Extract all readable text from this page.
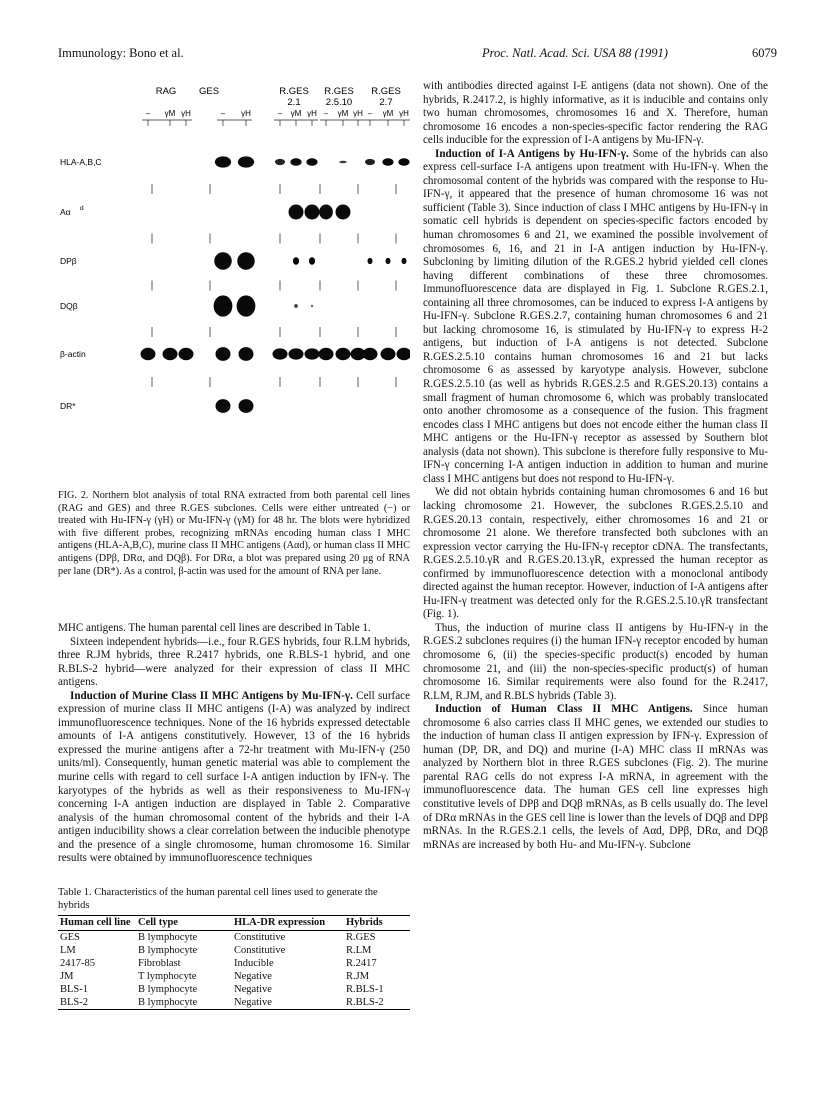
Immunology: Bono et al.	Proc. Natl. Acad. Sci. USA 88 (1991)	6079
RAG
– γM γH
GES
– γH
R.GES
2.1
– γM γH
R.GES
2.5.10
– γM γH
R.GES
2.7
– γM γH
HLA-A,B,C
Aα d
DPβ
DQβ
β-actin
DR*
FIG. 2. Northern blot analysis of total RNA extracted from both parental cell lines (RAG and GES) and three R.GES subclones. Cells were either untreated (−) or treated with Hu-IFN-γ (γH) or Mu-IFN-γ (γM) for 48 hr. The blots were hybridized with five different probes, recognizing mRNAs encoding human class I MHC antigens (HLA-A,B,C), murine class II MHC antigens (Aαd), or human class II MHC antigens (DPβ, DRα, and DQβ). For DRα, a blot was prepared using 20 μg of RNA per lane (DR*). As a control, β-actin was used for the amount of RNA per lane.

MHC antigens. The human parental cell lines are described in Table 1.

Sixteen independent hybrids—i.e., four R.GES hybrids, four R.LM hybrids, three R.JM hybrids, three R.2417 hybrids, one R.BLS-1 hybrid, and one R.BLS-2 hybrid—were analyzed for their expression of class II MHC antigens.

Induction of Murine Class II MHC Antigens by Mu-IFN-γ. Cell surface expression of murine class II MHC antigens (I-A) was analyzed by indirect immunofluorescence techniques. None of the 16 hybrids expressed detectable amounts of I-A antigens constitutively. However, 13 of the 16 hybrids expressed the murine antigens after a 72-hr treatment with Mu-IFN-γ (250 units/ml). Consequently, human genetic material was able to complement the murine cells with regard to cell surface I-A antigen induction by IFN-γ. The karyotypes of the hybrids as well as their responsiveness to Mu-IFN-γ concerning I-A antigen induction are displayed in Table 2. Comparative analysis of the human chromosomal content of the hybrids and their I-A antigen inducibility shows a clear correlation between the inducible phenotype and the presence of a single chromosome, human chromosome 16. Similar results were obtained by immunofluorescence techniques

Table 1. Characteristics of the human parental cell lines used to generate the hybrids
Human cell line	Cell type	HLA-DR expression	Hybrids
GES	B lymphocyte	Constitutive	R.GES
LM	B lymphocyte	Constitutive	R.LM
2417-85	Fibroblast	Inducible	R.2417
JM	T lymphocyte	Negative	R.JM
BLS-1	B lymphocyte	Negative	R.BLS-1
BLS-2	B lymphocyte	Negative	R.BLS-2

with antibodies directed against I-E antigens (data not shown). One of the hybrids, R.2417.2, is highly informative, as it is inducible and contains only two human chromosomes, chromosomes 16 and X. Therefore, human chromosome 16 encodes a non-species-specific factor rendering the RAG cells inducible for the expression of I-A antigens by Mu-IFN-γ.

Induction of I-A Antigens by Hu-IFN-γ. Some of the hybrids can also express cell-surface I-A antigens upon treatment with Hu-IFN-γ. When the chromosomal content of the hybrids was compared with the response to Hu-IFN-γ, it appeared that the presence of human chromosome 16 was not sufficient (Table 3). Since induction of class I MHC antigens by Hu-IFN-γ in somatic cell hybrids is dependent on species-specific factors encoded by human chromosomes 6 and 21, we examined the possible involvement of chromosomes 6, 16, and 21 in I-A antigen induction by Hu-IFN-γ. Subcloning by limiting dilution of the R.GES.2 hybrid yielded cell clones having different combinations of these three chromosomes. Immunofluorescence data are displayed in Fig. 1. Subclone R.GES.2.1, containing all three chromosomes, can be induced to express I-A antigens by Hu-IFN-γ. Subclone R.GES.2.7, containing human chromosomes 6 and 21 but lacking chromosome 16, is stimulated by Hu-IFN-γ to express H-2 antigens, but induction of I-A antigens is not detected. Subclone R.GES.2.5.10 contains human chromosomes 16 and 21 but lacks chromosome 6 as assessed by karyotype analysis. However, subclone R.GES.2.5.10 (as well as hybrids R.GES.2.5 and R.GES.20.13) contains a small fragment of human chromosome 6, which was probably translocated onto another chromosome as a consequence of the fusion. This fragment encodes class I MHC antigens but does not encode either the human class II MHC antigens or the Hu-IFN-γ receptor as assessed by Southern blot analysis (data not shown). This subclone is therefore fully responsive to Mu-IFN-γ concerning I-A antigen induction in addition to human and murine class I MHC antigens but does not respond to Hu-IFN-γ.

We did not obtain hybrids containing human chromosomes 6 and 16 but lacking chromosome 21. However, the subclones R.GES.2.5.10 and R.GES.20.13 contain, respectively, either chromosomes 16 and 21 or chromosome 21 alone. We therefore transfected both subclones with an expression vector carrying the Hu-IFN-γ receptor cDNA. The transfectants, R.GES.2.5.10.γR and R.GES.20.13.γR, expressed the human receptor as confirmed by immunofluorescence detection with a monoclonal antibody directed against the human receptor. However, induction of I-A antigens after Hu-IFN-γ treatment was detected only for the R.GES.2.5.10.γR transfectant (Fig. 1).

Thus, the induction of murine class II antigens by Hu-IFN-γ in the R.GES.2 subclones requires (i) the human IFN-γ receptor encoded by human chromosome 6, (ii) the species-specific product(s) encoded by human chromosome 21, and (iii) the non-species-specific product(s) of human chromosome 16. Similar requirements were also found for the R.2417, R.LM, R.JM, and R.BLS hybrids (Table 3).

Induction of Human Class II MHC Antigens. Since human chromosome 6 also carries class II MHC genes, we extended our studies to the induction of human class II antigen expression by IFN-γ. Expression of human (DP, DR, and DQ) and murine (I-A) MHC class II mRNAs was analyzed by Northern blot in three R.GES subclones (Fig. 2). The murine parental RAG cells do not express I-A mRNA, in agreement with the immunofluorescence data. The human GES cell line expresses high constitutive levels of DPβ and DQβ mRNAs, as B cells usually do. The level of DRα mRNAs in the GES cell line is lower than the levels of DQβ and DPβ mRNAs. In the R.GES.2.1 cells, the levels of Aαd, DPβ, DRα, and DQβ mRNAs are increased by both Hu- and Mu-IFN-γ. Subclone
